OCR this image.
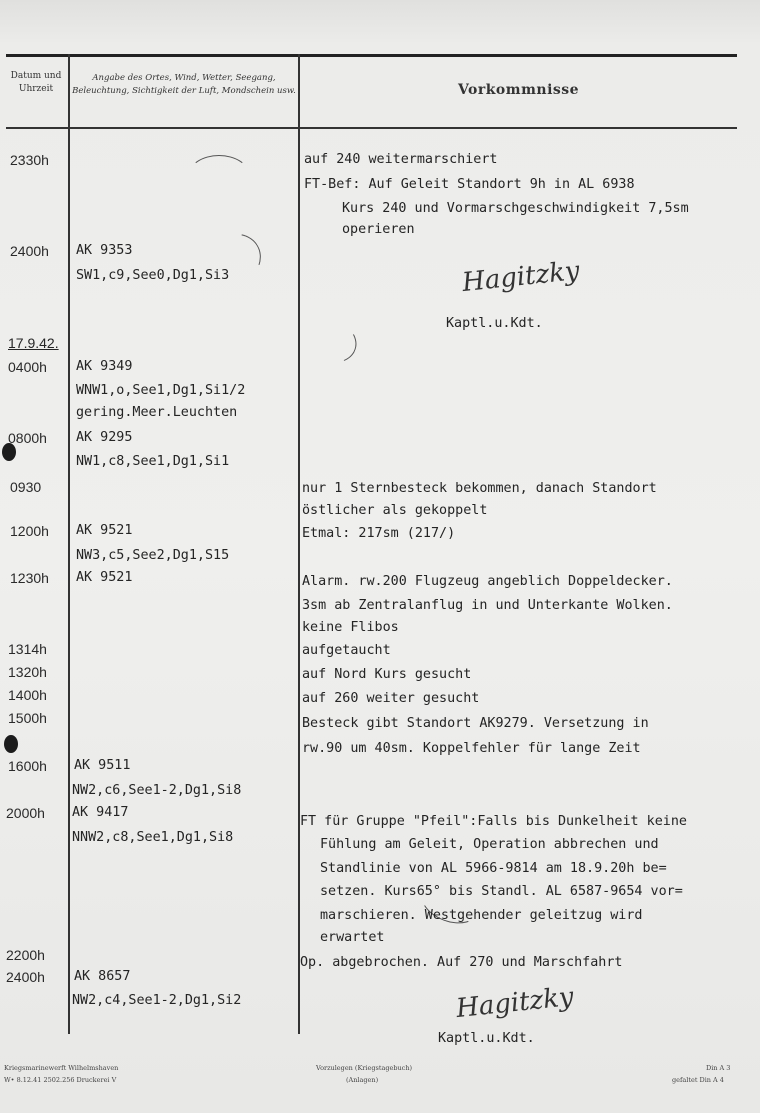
Datum und Uhrzeit
Angabe des Ortes, Wind, Wetter, Seegang, Beleuchtung, Sichtigkeit der Luft, Mondschein usw.	Vorkommnisse
2330h	auf 240 weitermarschiert
FT-Bef: Auf Geleit Standort 9h in AL 6938
Kurs 240 und Vormarschgeschwindigkeit 7,5sm
operieren
2400h AK 9353
SW1,c9,See0,Dg1,Si3	Hagitzky
Kaptl.u.Kdt.
17.9.42.
0400h AK 9349
WNW1,o,See1,Dg1,Si1/2
gering.Meer.Leuchten
0800h AK 9295
NW1,c8,See1,Dg1,Si1
0930	nur 1 Sternbesteck bekommen, danach Standort
östlicher als gekoppelt
1200h AK 9521
NW3,c5,See2,Dg1,S15
Etmal: 217sm (217/)
1230h AK 9521	Alarm. rw.200 Flugzeug angeblich Doppeldecker.
3sm ab Zentralanflug in und Unterkante Wolken.
keine Flibos
1314h	aufgetaucht
1320h	auf Nord Kurs gesucht
1400h	auf 260 weiter gesucht
1500h	Besteck gibt Standort AK9279. Versetzung in
rw.90 um 40sm. Koppelfehler für lange Zeit
1600h AK 9511
NW2,c6,See1-2,Dg1,Si8
2000h AK 9417
NNW2,c8,See1,Dg1,Si8
FT für Gruppe "Pfeil":Falls bis Dunkelheit keine
Fühlung am Geleit, Operation abbrechen und
Standlinie von AL 5966-9814 am 18.9.20h be=
setzen. Kurs65° bis Standl. AL 6587-9654 vor=
marschieren. Westgehender geleitzug wird
erwartet
2200h	Op. abgebrochen. Auf 270 und Marschfahrt
2400h AK 8657
NW2,c4,See1-2,Dg1,Si2	Hagitzky
Kaptl.u.Kdt.
Kriegsmarinewerft Wilhelmshaven
W• 8.12.41 2502.256 Druckerei V
Vorzulegen (Kriegstagebuch)
(Anlagen)
Din A 3
gefaltet Din A 4
